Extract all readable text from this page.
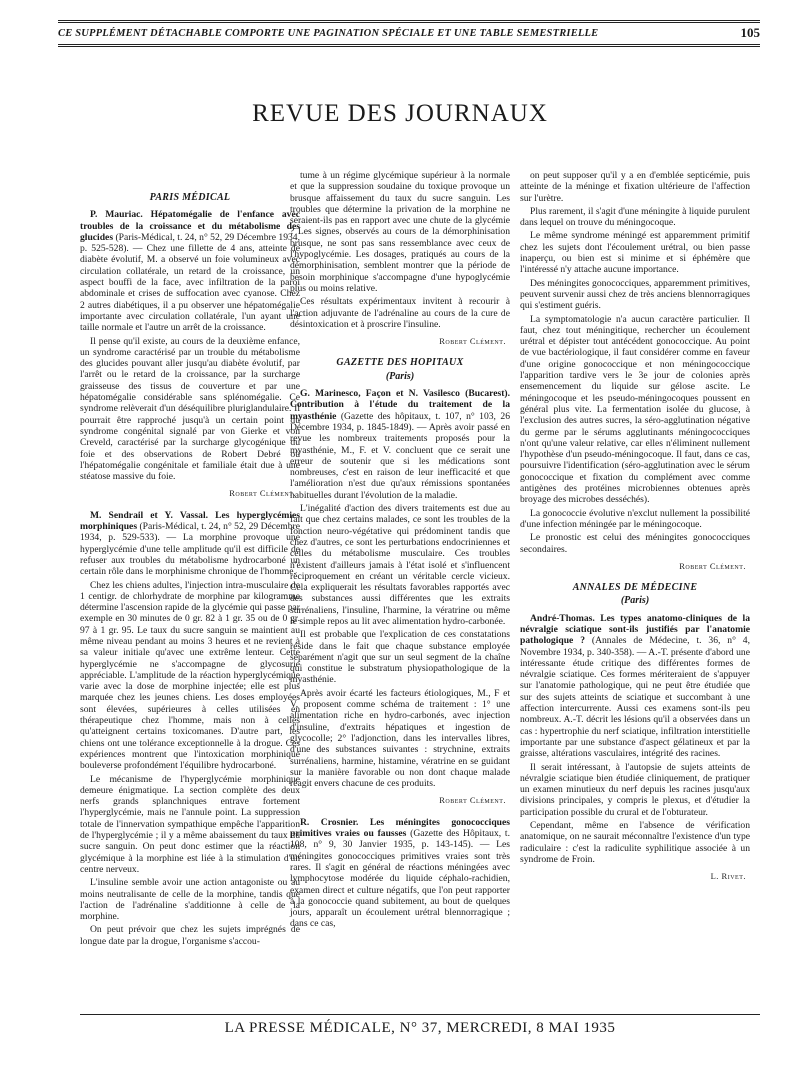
CE SUPPLÉMENT DÉTACHABLE COMPORTE UNE PAGINATION SPÉCIALE ET UNE TABLE SEMESTRIELLE	105
REVUE DES JOURNAUX
PARIS MÉDICAL

P. Mauriac. Hépatomégalie de l'enfance avec troubles de la croissance et du métabolisme des glucides (Paris-Médical, t. 24, n° 52, 29 Décembre 1934, p. 525-528). — Chez une fillette de 4 ans, atteinte de diabète évolutif, M. a observé un foie volumineux avec circulation collatérale, un retard de la croissance, un aspect bouffi de la face, avec infiltration de la paroi abdominale et crises de suffocation avec cyanose. Chez 2 autres diabétiques, il a pu observer une hépatomégalie importante avec circulation collatérale, l'un ayant une taille normale et l'autre un arrêt de la croissance.

Il pense qu'il existe, au cours de la deuxième enfance, un syndrome caractérisé par un trouble du métabolisme des glucides pouvant aller jusqu'au diabète évolutif, par l'arrêt ou le retard de la croissance, par la surcharge graisseuse des tissus de couverture et par une hépatomégalie considérable sans splénomégalie. Ce syndrome relèverait d'un déséquilibre pluriglandulaire. Il pourrait être rapproché jusqu'à un certain point du syndrome congénital signalé par von Gierke et von Creveld, caractérisé par la surcharge glycogénique du foie et des observations de Robert Debré où l'hépatomégalie congénitale et familiale était due à une stéatose massive du foie.

Robert Clément.

M. Sendrail et Y. Vassal. Les hyperglycémies morphiniques (Paris-Médical, t. 24, n° 52, 29 Décembre 1934, p. 529-533). — La morphine provoque une hyperglycémie d'une telle amplitude qu'il est difficile de refuser aux troubles du métabolisme hydrocarboné un certain rôle dans le morphinisme chronique de l'homme.

Chez les chiens adultes, l'injection intra-musculaire de 1 centigr. de chlorhydrate de morphine par kilogramme détermine l'ascension rapide de la glycémie qui passe par exemple en 30 minutes de 0 gr. 82 à 1 gr. 35 ou de 0 gr. 97 à 1 gr. 95. Le taux du sucre sanguin se maintient au même niveau pendant au moins 3 heures et ne revient à sa valeur initiale qu'avec une extrême lenteur. Cette hyperglycémie ne s'accompagne de glycosurie appréciable. L'amplitude de la réaction hyperglycémique varie avec la dose de morphine injectée; elle est plus marquée chez les jeunes chiens. Les doses employées sont élevées, supérieures à celles utilisées en thérapeutique chez l'homme, mais non à celles qu'atteignent certains toxicomanes. D'autre part, les chiens ont une tolérance exceptionnelle à la drogue. Ces expériences montrent que l'intoxication morphinique bouleverse profondément l'équilibre hydrocarboné.

Le mécanisme de l'hyperglycémie morphinique demeure énigmatique. La section complète des deux nerfs grands splanchniques entrave fortement l'hyperglycémie, mais ne l'annule point. La suppression totale de l'innervation sympathique empêche l'apparition de l'hyperglycémie ; il y a même abaissement du taux du sucre sanguin. On peut donc estimer que la réaction glycémique à la morphine est liée à la stimulation d'un centre nerveux.

L'insuline semble avoir une action antagoniste ou au moins neutralisante de celle de la morphine, tandis que l'action de l'adrénaline s'additionne à celle de la morphine.

On peut prévoir que chez les sujets imprégnés de longue date par la drogue, l'organisme s'accou-

tume à un régime glycémique supérieur à la normale et que la suppression soudaine du toxique provoque un brusque affaissement du taux du sucre sanguin. Les troubles que détermine la privation de la morphine ne seraient-ils pas en rapport avec une chute de la glycémie ? Les signes, observés au cours de la démorphinisation brusque, ne sont pas sans ressemblance avec ceux de l'hypoglycémie. Les dosages, pratiqués au cours de la démorphinisation, semblent montrer que la période de besoin morphinique s'accompagne d'une hypoglycémie plus ou moins relative.

Ces résultats expérimentaux invitent à recourir à l'action adjuvante de l'adrénaline au cours de la cure de désintoxication et à proscrire l'insuline.

Robert Clément.
GAZETTE DES HOPITAUX
(Paris)

G. Marinesco, Façon et N. Vasilesco (Bucarest). Contribution à l'étude du traitement de la myasthénie (Gazette des hôpitaux, t. 107, n° 103, 26 Décembre 1934, p. 1845-1849). — Après avoir passé en revue les nombreux traitements proposés pour la myasthénie, M., F. et V. concluent que ce serait une erreur de soutenir que si les médications sont nombreuses, c'est en raison de leur inefficacité et que l'amélioration n'est due qu'aux rémissions spontanées habituelles durant l'évolution de la maladie.

L'inégalité d'action des divers traitements est due au fait que chez certains malades, ce sont les troubles de la fonction neuro-végétative qui prédominent tandis que chez d'autres, ce sont les perturbations endocriniennes et celles du métabolisme musculaire. Ces troubles n'existent d'ailleurs jamais à l'état isolé et s'influencent réciproquement en créant un véritable cercle vicieux. Cela expliquerait les résultats favorables rapportés avec des substances aussi différentes que les extraits surrénaliens, l'insuline, l'harmine, la vératrine ou même le simple repos au lit avec alimentation hydro-carbonée.

Il est probable que l'explication de ces constatations réside dans le fait que chaque substance employée séparément n'agit que sur un seul segment de la chaîne qui constitue le substratum physiopathologique de la myasthénie.

Après avoir écarté les facteurs étiologiques, M., F et V. proposent comme schéma de traitement : 1° une alimentation riche en hydro-carbonés, avec injection d'insuline, d'extraits hépatiques et ingestion de glycocolle; 2° l'adjonction, dans les intervalles libres, d'une des substances suivantes : strychnine, extraits surrénaliens, harmine, histamine, vératrine en se guidant sur la manière favorable ou non dont chaque malade réagit envers chacune de ces produits.

Robert Clément.

R. Crosnier. Les méningites gonococciques primitives vraies ou fausses (Gazette des Hôpitaux, t. 108, n° 9, 30 Janvier 1935, p. 143-145). — Les méningites gonococciques primitives vraies sont très rares. Il s'agit en général de réactions méningées avec lymphocytose modérée du liquide céphalo-rachidien, examen direct et culture négatifs, que l'on peut rapporter à la gonococcie quand subitement, au bout de quelques jours, apparaît un écoulement urétral blennorragique ; dans ce cas,

on peut supposer qu'il y a en d'emblée septicémie, puis atteinte de la méninge et fixation ultérieure de l'affection sur l'urètre.

Plus rarement, il s'agit d'une méningite à liquide purulent dans lequel on trouve du méningocoque.

Le même syndrome méningé est apparemment primitif chez les sujets dont l'écoulement urétral, ou bien passe inaperçu, ou bien est si minime et si éphémère que l'intéressé n'y attache aucune importance.

Des méningites gonococciques, apparemment primitives, peuvent survenir aussi chez de très anciens blennorragiques qui s'estiment guéris.

La symptomatologie n'a aucun caractère particulier. Il faut, chez tout méningitique, rechercher un écoulement urétral et dépister tout antécédent gonococcique. Au point de vue bactériologique, il faut considérer comme en faveur d'une origine gonococcique et non méningococcique l'apparition tardive vers le 3e jour de colonies après ensemencement du liquide sur gélose ascite. Le méningocoque et les pseudo-méningocoques poussent en général plus vite. La fermentation isolée du glucose, à l'exclusion des autres sucres, la séro-agglutination négative du germe par le sérums agglutinants méningococciques n'ont qu'une valeur relative, car elles n'éliminent nullement l'hypothèse d'un pseudo-méningocoque. Il faut, dans ce cas, poursuivre l'identification (séro-agglutination avec le sérum gonococcique et fixation du complément avec comme antigènes des protéines microbiennes obtenues après broyage des microbes desséchés).

La gonococcie évolutive n'exclut nullement la possibilité d'une infection méningée par le méningocoque.

Le pronostic est celui des méningites gonococciques secondaires.

Robert Clément.
ANNALES DE MÉDECINE
(Paris)

André-Thomas. Les types anatomo-cliniques de la névralgie sciatique sont-ils justifiés par l'anatomie pathologique ? (Annales de Médecine, t. 36, n° 4, Novembre 1934, p. 340-358). — A.-T. présente d'abord une intéressante étude critique des différentes formes de névralgie sciatique. Ces formes mériteraient de s'appuyer sur l'anatomie pathologique, qui ne peut être étudiée que sur des sujets atteints de sciatique et succombant à une affection intercurrente. Aussi ces examens sont-ils peu nombreux. A.-T. décrit les lésions qu'il a observées dans un cas : hypertrophie du nerf sciatique, infiltration interstitielle importante par une substance d'aspect gélatineux et par la graisse, altérations vasculaires, intégrité des racines.

Il serait intéressant, à l'autopsie de sujets atteints de névralgie sciatique bien étudiée cliniquement, de pratiquer un examen minutieux du nerf depuis les racines jusqu'aux divisions principales, y compris le plexus, et d'étudier la participation possible du crural et de l'obturateur.

Cependant, même en l'absence de vérification anatomique, on ne saurait méconnaître l'existence d'un type radiculaire : c'est la radiculite syphilitique associée à un syndrome de Froin.

L. Rivet.
LA PRESSE MÉDICALE, N° 37, MERCREDI, 8 MAI 1935
